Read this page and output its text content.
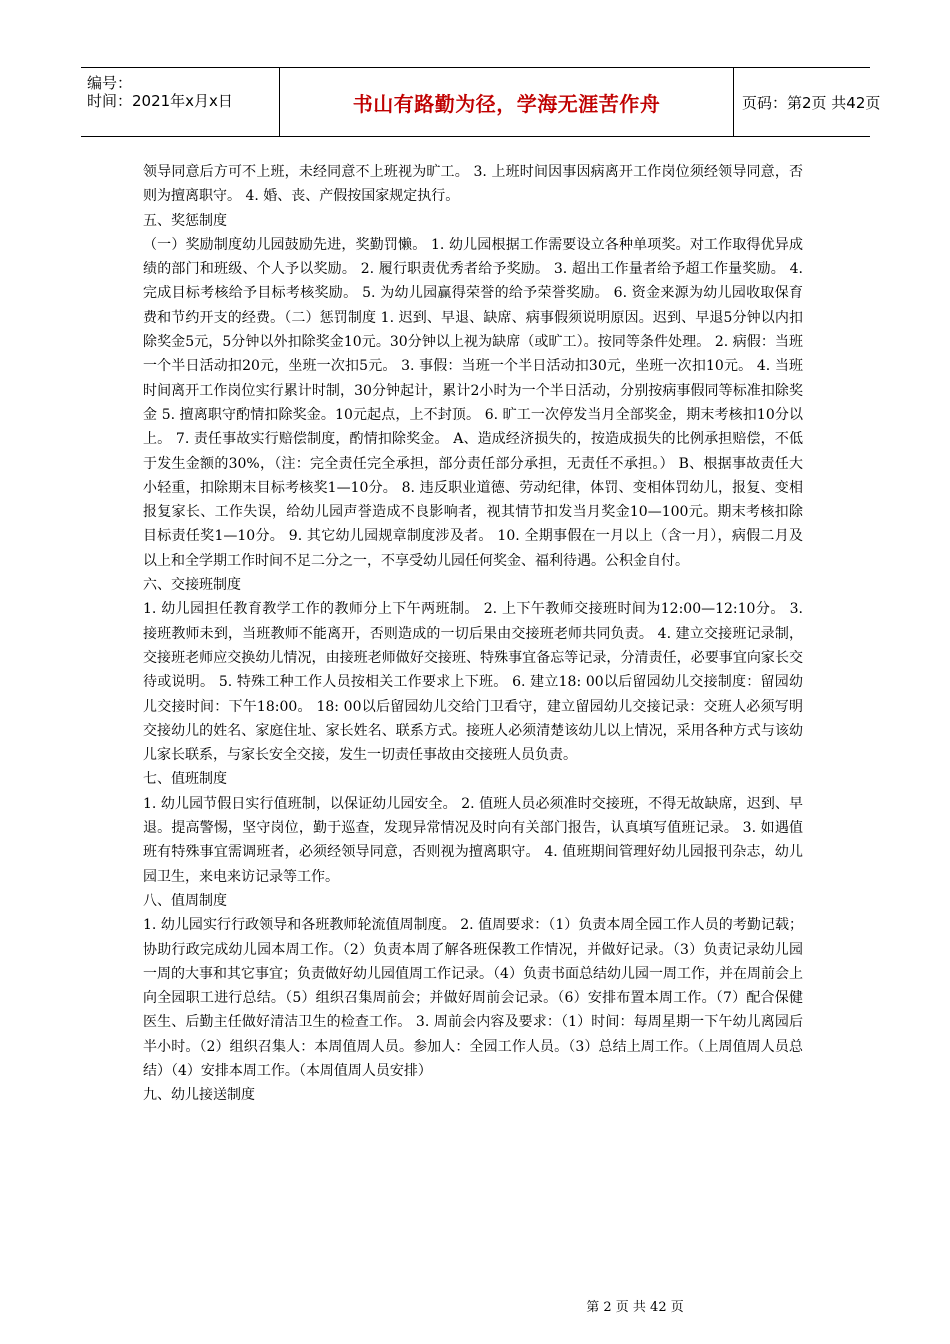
编号：
时间：2021年x月x日	书山有路勤为径，学海无涯苦作舟	页码：第2页 共42页

领导同意后方可不上班，未经同意不上班视为旷工。 3. 上班时间因事因病离开工作岗位须经领导同意，否则为擅离职守。 4. 婚、丧、产假按国家规定执行。

五、奖惩制度

（一）奖励制度幼儿园鼓励先进，奖勤罚懒。 1. 幼儿园根据工作需要设立各种单项奖。对工作取得优异成绩的部门和班级、个人予以奖励。 2. 履行职责优秀者给予奖励。 3. 超出工作量者给予超工作量奖励。 4. 完成目标考核给予目标考核奖励。 5. 为幼儿园赢得荣誉的给予荣誉奖励。 6. 资金来源为幼儿园收取保育费和节约开支的经费。（二）惩罚制度 1. 迟到、早退、缺席、病事假须说明原因。迟到、早退5分钟以内扣除奖金5元，5分钟以外扣除奖金10元。30分钟以上视为缺席（或旷工）。按同等条件处理。 2. 病假：当班一个半日活动扣20元，坐班一次扣5元。 3. 事假：当班一个半日活动扣30元，坐班一次扣10元。 4. 当班时间离开工作岗位实行累计时制，30分钟起计，累计2小时为一个半日活动，分别按病事假同等标准扣除奖金 5. 擅离职守酌情扣除奖金。10元起点，上不封顶。 6. 旷工一次停发当月全部奖金，期末考核扣10分以上。 7. 责任事故实行赔偿制度，酌情扣除奖金。 A、造成经济损失的，按造成损失的比例承担赔偿，不低于发生金额的30%，（注：完全责任完全承担，部分责任部分承担，无责任不承担。） B、根据事故责任大小轻重，扣除期末目标考核奖1—10分。 8. 违反职业道德、劳动纪律，体罚、变相体罚幼儿，报复、变相报复家长、工作失误，给幼儿园声誉造成不良影响者，视其情节扣发当月奖金10—100元。期末考核扣除目标责任奖1—10分。 9. 其它幼儿园规章制度涉及者。 10. 全期事假在一月以上（含一月），病假二月及以上和全学期工作时间不足二分之一，不享受幼儿园任何奖金、福利待遇。公积金自付。

六、交接班制度

1. 幼儿园担任教育教学工作的教师分上下午两班制。 2. 上下午教师交接班时间为12:00—12:10分。 3. 接班教师未到，当班教师不能离开，否则造成的一切后果由交接班老师共同负责。 4. 建立交接班记录制，交接班老师应交换幼儿情况，由接班老师做好交接班、特殊事宜备忘等记录，分清责任，必要事宜向家长交待或说明。 5. 特殊工种工作人员按相关工作要求上下班。 6. 建立18: 00以后留园幼儿交接制度：留园幼儿交接时间：下午18:00。 18: 00以后留园幼儿交给门卫看守，建立留园幼儿交接记录：交班人必须写明交接幼儿的姓名、家庭住址、家长姓名、联系方式。接班人必须清楚该幼儿以上情况，采用各种方式与该幼儿家长联系，与家长安全交接，发生一切责任事故由交接班人员负责。

七、值班制度

1. 幼儿园节假日实行值班制，以保证幼儿园安全。 2. 值班人员必须准时交接班，不得无故缺席，迟到、早退。提高警惕，坚守岗位，勤于巡查，发现异常情况及时向有关部门报告，认真填写值班记录。 3. 如遇值班有特殊事宜需调班者，必须经领导同意，否则视为擅离职守。 4. 值班期间管理好幼儿园报刊杂志，幼儿园卫生，来电来访记录等工作。

八、值周制度

1. 幼儿园实行行政领导和各班教师轮流值周制度。 2. 值周要求：（1）负责本周全园工作人员的考勤记载；协助行政完成幼儿园本周工作。（2）负责本周了解各班保教工作情况，并做好记录。（3）负责记录幼儿园一周的大事和其它事宜；负责做好幼儿园值周工作记录。（4）负责书面总结幼儿园一周工作，并在周前会上向全园职工进行总结。（5）组织召集周前会；并做好周前会记录。（6）安排布置本周工作。（7）配合保健医生、后勤主任做好清洁卫生的检查工作。 3. 周前会内容及要求：（1）时间：每周星期一下午幼儿离园后半小时。（2）组织召集人：本周值周人员。参加人：全园工作人员。（3）总结上周工作。（上周值周人员总结）（4）安排本周工作。（本周值周人员安排）

九、幼儿接送制度

第 2 页 共 42 页
